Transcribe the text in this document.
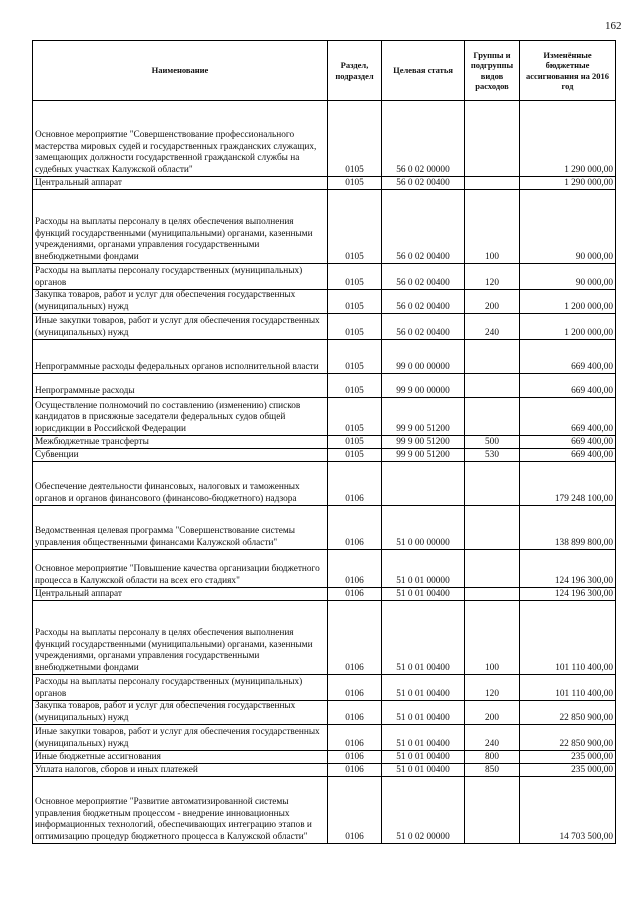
162
Наименование	Раздел, подраздел	Целевая статья	Группы и подгруппы видов расходов	Изменённые бюджетные ассигнования на 2016 год
Основное мероприятие "Совершенствование профессионального мастерства мировых судей и государственных гражданских служащих, замещающих должности государственной гражданской службы на судебных участках Калужской области"	0105	56 0 02 00000		1 290 000,00
Центральный аппарат	0105	56 0 02 00400		1 290 000,00
Расходы на выплаты персоналу в целях обеспечения выполнения функций государственными (муниципальными) органами, казенными учреждениями, органами управления государственными внебюджетными фондами	0105	56 0 02 00400	100	90 000,00
Расходы на выплаты персоналу государственных (муниципальных) органов	0105	56 0 02 00400	120	90 000,00
Закупка товаров, работ и услуг для обеспечения государственных (муниципальных) нужд	0105	56 0 02 00400	200	1 200 000,00
Иные закупки товаров, работ и услуг для обеспечения государственных (муниципальных) нужд	0105	56 0 02 00400	240	1 200 000,00
Непрограммные расходы федеральных органов исполнительной власти	0105	99 0 00 00000		669 400,00
Непрограммные расходы	0105	99 9 00 00000		669 400,00
Осуществление полномочий по составлению (изменению) списков кандидатов в присяжные заседатели федеральных судов общей юрисдикции в Российской Федерации	0105	99 9 00 51200		669 400,00
Межбюджетные трансферты	0105	99 9 00 51200	500	669 400,00
Субвенции	0105	99 9 00 51200	530	669 400,00
Обеспечение деятельности финансовых, налоговых и таможенных органов и органов финансового (финансово-бюджетного) надзора	0106			179 248 100,00
Ведомственная целевая программа "Совершенствование системы управления общественными финансами Калужской области"	0106	51 0 00 00000		138 899 800,00
Основное мероприятие "Повышение качества организации бюджетного процесса в Калужской области на всех его стадиях"	0106	51 0 01 00000		124 196 300,00
Центральный аппарат	0106	51 0 01 00400		124 196 300,00
Расходы на выплаты персоналу в целях обеспечения выполнения функций государственными (муниципальными) органами, казенными учреждениями, органами управления государственными внебюджетными фондами	0106	51 0 01 00400	100	101 110 400,00
Расходы на выплаты персоналу государственных (муниципальных) органов	0106	51 0 01 00400	120	101 110 400,00
Закупка товаров, работ и услуг для обеспечения государственных (муниципальных) нужд	0106	51 0 01 00400	200	22 850 900,00
Иные закупки товаров, работ и услуг для обеспечения государственных (муниципальных) нужд	0106	51 0 01 00400	240	22 850 900,00
Иные бюджетные ассигнования	0106	51 0 01 00400	800	235 000,00
Уплата налогов, сборов и иных платежей	0106	51 0 01 00400	850	235 000,00
Основное мероприятие "Развитие автоматизированной системы управления бюджетным процессом - внедрение инновационных информационных технологий, обеспечивающих интеграцию этапов и оптимизацию процедур бюджетного процесса в Калужской области"	0106	51 0 02 00000		14 703 500,00
